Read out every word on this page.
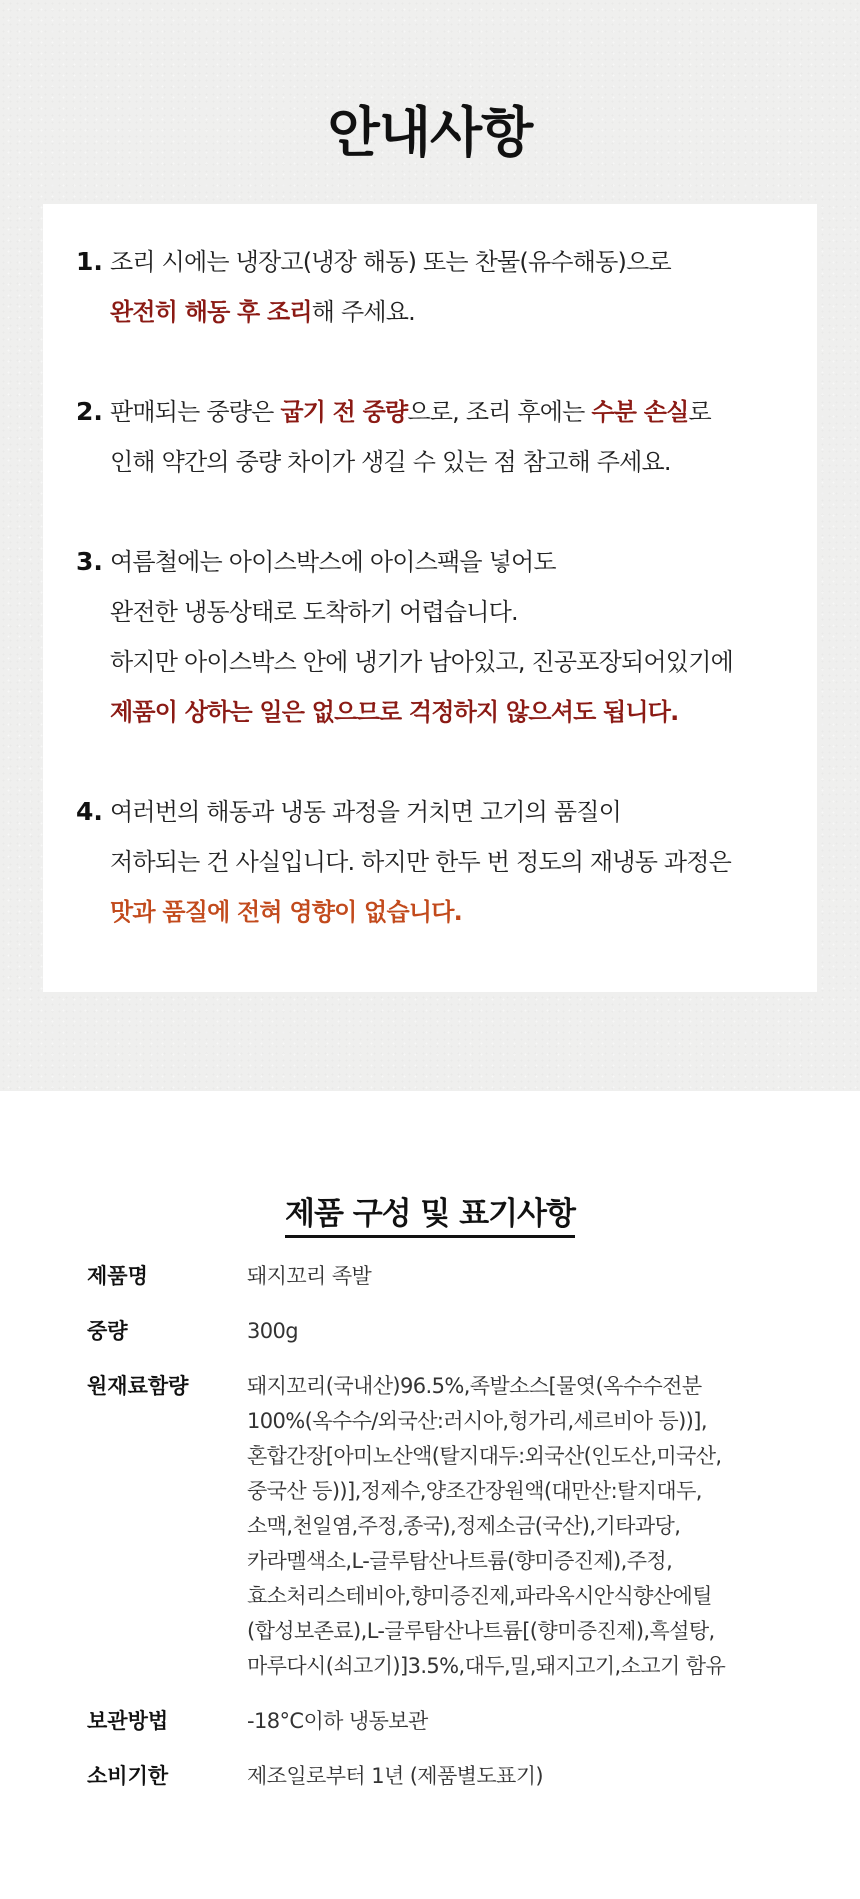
안내사항
1. 조리 시에는 냉장고(냉장 해동) 또는 찬물(유수해동)으로
완전히 해동 후 조리해 주세요.
2. 판매되는 중량은 굽기 전 중량으로, 조리 후에는 수분 손실로
인해 약간의 중량 차이가 생길 수 있는 점 참고해 주세요.
3. 여름철에는 아이스박스에 아이스팩을 넣어도
완전한 냉동상태로 도착하기 어렵습니다.
하지만 아이스박스 안에 냉기가 남아있고, 진공포장되어있기에
제품이 상하는 일은 없으므로 걱정하지 않으셔도 됩니다.
4. 여러번의 해동과 냉동 과정을 거치면 고기의 품질이
저하되는 건 사실입니다. 하지만 한두 번 정도의 재냉동 과정은
맛과 품질에 전혀 영향이 없습니다.
제품 구성 및 표기사항
제품명	돼지꼬리 족발
중량	300g
원재료함량	돼지꼬리(국내산)96.5%,족발소스[물엿(옥수수전분
100%(옥수수/외국산:러시아,헝가리,세르비아 등))],
혼합간장[아미노산액(탈지대두:외국산(인도산,미국산,
중국산 등))],정제수,양조간장원액(대만산:탈지대두,
소맥,천일염,주정,종국),정제소금(국산),기타과당,
카라멜색소,L-글루탐산나트륨(향미증진제),주정,
효소처리스테비아,향미증진제,파라옥시안식향산에틸
(합성보존료),L-글루탐산나트륨[(향미증진제),흑설탕,
마루다시(쇠고기)]3.5%,대두,밀,돼지고기,소고기 함유
보관방법	-18°C이하 냉동보관
소비기한	제조일로부터 1년 (제품별도표기)
